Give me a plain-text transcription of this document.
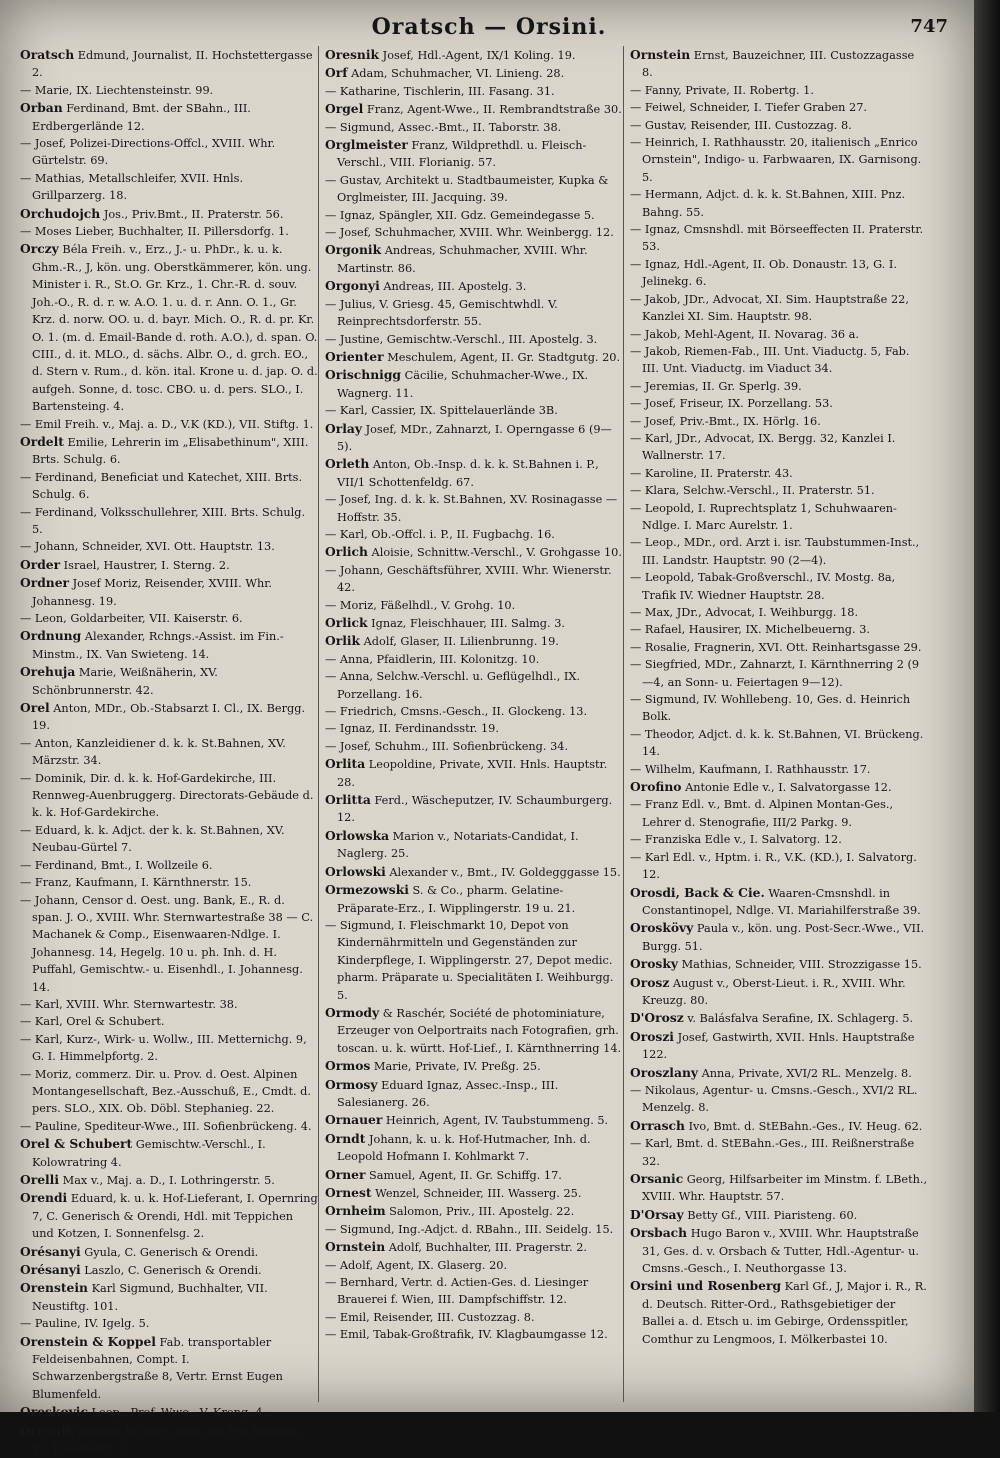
Oratsch — Orsini.	747

Oratsch Edmund, Journalist, II. Hochstettergasse 2.

— Marie, IX. Liechtensteinstr. 99.

Orban Ferdinand, Bmt. der SBahn., III. Erdbergerlände 12.

— Josef, Polizei-Directions-Offcl., XVIII. Whr. Gürtelstr. 69.

— Mathias, Metallschleifer, XVII. Hnls. Grillparzerg. 18.

Orchudojch Jos., Priv.Bmt., II. Praterstr. 56.

— Moses Lieber, Buchhalter, II. Pillersdorfg. 1.

Orczy Béla Freih. v., Erz., J.- u. PhDr., k. u. k. Ghm.-R., J, kön. ung. Oberstkämmerer, kön. ung. Minister i. R., St.O. Gr. Krz., 1. Chr.-R. d. souv. Joh.-O., R. d. r. w. A.O. 1. u. d. r. Ann. O. 1., Gr. Krz. d. norw. OO. u. d. bayr. Mich. O., R. d. pr. Kr. O. 1. (m. d. Email-Bande d. roth. A.O.), d. span. O. CIII., d. it. MLO., d. sächs. Albr. O., d. grch. EO., d. Stern v. Rum., d. kön. ital. Krone u. d. jap. O. d. aufgeh. Sonne, d. tosc. CBO. u. d. pers. SLO., I. Bartensteing. 4.

— Emil Freih. v., Maj. a. D., V.K (KD.), VII. Stiftg. 1.

Ordelt Emilie, Lehrerin im „Elisabethinum", XIII. Brts. Schulg. 6.

— Ferdinand, Beneficiat und Katechet, XIII. Brts. Schulg. 6.

— Ferdinand, Volksschullehrer, XIII. Brts. Schulg. 5.

— Johann, Schneider, XVI. Ott. Hauptstr. 13.

Order Israel, Haustrer, I. Sterng. 2.

Ordner Josef Moriz, Reisender, XVIII. Whr. Johannesg. 19.

— Leon, Goldarbeiter, VII. Kaiserstr. 6.

Ordnung Alexander, Rchngs.-Assist. im Fin.-Minstm., IX. Van Swieteng. 14.

Orehuja Marie, Weißnäherin, XV. Schönbrunnerstr. 42.

Orel Anton, MDr., Ob.-Stabsarzt I. Cl., IX. Bergg. 19.

— Anton, Kanzleidiener d. k. k. St.Bahnen, XV. Märzstr. 34.

— Dominik, Dir. d. k. k. Hof-Gardekirche, III. Rennweg-Auenbruggerg. Directorats-Gebäude d. k. k. Hof-Gardekirche.

— Eduard, k. k. Adjct. der k. k. St.Bahnen, XV. Neubau-Gürtel 7.

— Ferdinand, Bmt., I. Wollzeile 6.

— Franz, Kaufmann, I. Kärnthnerstr. 15.

— Johann, Censor d. Oest. ung. Bank, E., R. d. span. J. O., XVIII. Whr. Sternwartestraße 38 — C. Machanek & Comp., Eisenwaaren-Ndlge. I. Johannesg. 14, Hegelg. 10 u. ph. Inh. d. H. Puffahl, Gemischtw.- u. Eisenhdl., I. Johannesg. 14.

— Karl, XVIII. Whr. Sternwartestr. 38.

— Karl, Orel & Schubert.

— Karl, Kurz-, Wirk- u. Wollw., III. Metternichg. 9, G. I. Himmelpfortg. 2.

— Moriz, commerz. Dir. u. Prov. d. Oest. Alpinen Montangesellschaft, Bez.-Ausschuß, E., Cmdt. d. pers. SLO., XIX. Ob. Döbl. Stephanieg. 22.

— Pauline, Spediteur-Wwe., III. Sofienbrückeng. 4.

Orel & Schubert Gemischtw.-Verschl., I. Kolowratring 4.

Orelli Max v., Maj. a. D., I. Lothringerstr. 5.

Orendi Eduard, k. u. k. Hof-Lieferant, I. Opernring 7, C. Generisch & Orendi, Hdl. mit Teppichen und Kotzen, I. Sonnenfelsg. 2.

Orésanyi Gyula, C. Generisch & Orendi.

Orésanyi Laszlo, C. Generisch & Orendi.

Orenstein Karl Sigmund, Buchhalter, VII. Neustiftg. 101.

— Pauline, IV. Igelg. 5.

Orenstein & Koppel Fab. transportabler Feldeisenbahnen, Compt. I. Schwarzenbergstraße 8, Vertr. Ernst Eugen Blumenfeld.

Oreskovic Leop., Prof.-Wwe., V. Krong. 4.

Oresnik Johann, Rchngs.-Offcl. im Fin.-Minstm., VI. Theobaldg. 7.

Oresnik Josef, Hdl.-Agent, IX/1 Koling. 19.

Orf Adam, Schuhmacher, VI. Linieng. 28.

— Katharine, Tischlerin, III. Fasang. 31.

Orgel Franz, Agent-Wwe., II. Rembrandtstraße 30.

— Sigmund, Assec.-Bmt., II. Taborstr. 38.

Orglmeister Franz, Wildprethdl. u. Fleisch-Verschl., VIII. Florianig. 57.

— Gustav, Architekt u. Stadtbaumeister, Kupka & Orglmeister, III. Jacquing. 39.

— Ignaz, Spängler, XII. Gdz. Gemeindegasse 5.

— Josef, Schuhmacher, XVIII. Whr. Weinbergg. 12.

Orgonik Andreas, Schuhmacher, XVIII. Whr. Martinstr. 86.

Orgonyi Andreas, III. Apostelg. 3.

— Julius, V. Griesg. 45, Gemischtwhdl. V. Reinprechtsdorferstr. 55.

— Justine, Gemischtw.-Verschl., III. Apostelg. 3.

Orienter Meschulem, Agent, II. Gr. Stadtgutg. 20.

Orischnigg Cäcilie, Schuhmacher-Wwe., IX. Wagnerg. 11.

— Karl, Cassier, IX. Spittelauerlände 3B.

Orlay Josef, MDr., Zahnarzt, I. Operngasse 6 (9—5).

Orleth Anton, Ob.-Insp. d. k. k. St.Bahnen i. P., VII/1 Schottenfeldg. 67.

— Josef, Ing. d. k. k. St.Bahnen, XV. Rosinagasse — Hoffstr. 35.

— Karl, Ob.-Offcl. i. P., II. Fugbachg. 16.

Orlich Aloisie, Schnittw.-Verschl., V. Grohgasse 10.

— Johann, Geschäftsführer, XVIII. Whr. Wienerstr. 42.

— Moriz, Fäßelhdl., V. Grohg. 10.

Orlick Ignaz, Fleischhauer, III. Salmg. 3.

Orlik Adolf, Glaser, II. Lilienbrunng. 19.

— Anna, Pfaidlerin, III. Kolonitzg. 10.

— Anna, Selchw.-Verschl. u. Geflügelhdl., IX. Porzellang. 16.

— Friedrich, Cmsns.-Gesch., II. Glockeng. 13.

— Ignaz, II. Ferdinandsstr. 19.

— Josef, Schuhm., III. Sofienbrückeng. 34.

Orlita Leopoldine, Private, XVII. Hnls. Hauptstr. 28.

Orlitta Ferd., Wäscheputzer, IV. Schaumburgerg. 12.

Orlowska Marion v., Notariats-Candidat, I. Naglerg. 25.

Orlowski Alexander v., Bmt., IV. Goldegggasse 15.

Ormezowski S. & Co., pharm. Gelatine-Präparate-Erz., I. Wipplingerstr. 19 u. 21.

— Sigmund, I. Fleischmarkt 10, Depot von Kindernährmitteln und Gegenständen zur Kinderpflege, I. Wipplingerstr. 27, Depot medic. pharm. Präparate u. Specialitäten I. Weihburgg. 5.

Ormody & Raschér, Société de photominiature, Erzeuger von Oelportraits nach Fotografien, grh. toscan. u. k. württ. Hof-Lief., I. Kärnthnerring 14.

Ormos Marie, Private, IV. Preßg. 25.

Ormosy Eduard Ignaz, Assec.-Insp., III. Salesianerg. 26.

Ornauer Heinrich, Agent, IV. Taubstummeng. 5.

Orndt Johann, k. u. k. Hof-Hutmacher, Inh. d. Leopold Hofmann I. Kohlmarkt 7.

Orner Samuel, Agent, II. Gr. Schiffg. 17.

Ornest Wenzel, Schneider, III. Wasserg. 25.

Ornheim Salomon, Priv., III. Apostelg. 22.

— Sigmund, Ing.-Adjct. d. RBahn., III. Seidelg. 15.

Ornstein Adolf, Buchhalter, III. Pragerstr. 2.

— Adolf, Agent, IX. Glaserg. 20.

— Bernhard, Vertr. d. Actien-Ges. d. Liesinger Brauerei f. Wien, III. Dampfschiffstr. 12.

— Emil, Reisender, III. Custozzag. 8.

— Emil, Tabak-Großtrafik, IV. Klagbaumgasse 12.

Ornstein Ernst, Bauzeichner, III. Custozzagasse 8.

— Fanny, Private, II. Robertg. 1.

— Feiwel, Schneider, I. Tiefer Graben 27.

— Gustav, Reisender, III. Custozzag. 8.

— Heinrich, I. Rathhausstr. 20, italienisch „Enrico Ornstein", Indigo- u. Farbwaaren, IX. Garnisong. 5.

— Hermann, Adjct. d. k. k. St.Bahnen, XIII. Pnz. Bahng. 55.

— Ignaz, Cmsnshdl. mit Börseeffecten II. Praterstr. 53.

— Ignaz, Hdl.-Agent, II. Ob. Donaustr. 13, G. I. Jelinekg. 6.

— Jakob, JDr., Advocat, XI. Sim. Hauptstraße 22, Kanzlei XI. Sim. Hauptstr. 98.

— Jakob, Mehl-Agent, II. Novarag. 36 a.

— Jakob, Riemen-Fab., III. Unt. Viaductg. 5, Fab. III. Unt. Viaductg. im Viaduct 34.

— Jeremias, II. Gr. Sperlg. 39.

— Josef, Friseur, IX. Porzellang. 53.

— Josef, Priv.-Bmt., IX. Hörlg. 16.

— Karl, JDr., Advocat, IX. Bergg. 32, Kanzlei I. Wallnerstr. 17.

— Karoline, II. Praterstr. 43.

— Klara, Selchw.-Verschl., II. Praterstr. 51.

— Leopold, I. Ruprechtsplatz 1, Schuhwaaren-Ndlge. I. Marc Aurelstr. 1.

— Leop., MDr., ord. Arzt i. isr. Taubstummen-Inst., III. Landstr. Hauptstr. 90 (2—4).

— Leopold, Tabak-Großverschl., IV. Mostg. 8a, Trafik IV. Wiedner Hauptstr. 28.

— Max, JDr., Advocat, I. Weihburgg. 18.

— Rafael, Hausirer, IX. Michelbeuerng. 3.

— Rosalie, Fragnerin, XVI. Ott. Reinhartsgasse 29.

— Siegfried, MDr., Zahnarzt, I. Kärnthnerring 2 (9—4, an Sonn- u. Feiertagen 9—12).

— Sigmund, IV. Wohllebeng. 10, Ges. d. Heinrich Bolk.

— Theodor, Adjct. d. k. k. St.Bahnen, VI. Brückeng. 14.

— Wilhelm, Kaufmann, I. Rathhausstr. 17.

Orofino Antonie Edle v., I. Salvatorgasse 12.

— Franz Edl. v., Bmt. d. Alpinen Montan-Ges., Lehrer d. Stenografie, III/2 Parkg. 9.

— Franziska Edle v., I. Salvatorg. 12.

— Karl Edl. v., Hptm. i. R., V.K. (KD.), I. Salvatorg. 12.

Orosdi, Back & Cie. Waaren-Cmsnshdl. in Constantinopel, Ndlge. VI. Mariahilferstraße 39.

Oroskövy Paula v., kön. ung. Post-Secr.-Wwe., VII. Burgg. 51.

Orosky Mathias, Schneider, VIII. Strozzigasse 15.

Orosz August v., Oberst-Lieut. i. R., XVIII. Whr. Kreuzg. 80.

D'Orosz v. Balásfalva Serafine, IX. Schlagerg. 5.

Oroszi Josef, Gastwirth, XVII. Hnls. Hauptstraße 122.

Oroszlany Anna, Private, XVI/2 RL. Menzelg. 8.

— Nikolaus, Agentur- u. Cmsns.-Gesch., XVI/2 RL. Menzelg. 8.

Orrasch Ivo, Bmt. d. StEBahn.-Ges., IV. Heug. 62.

— Karl, Bmt. d. StEBahn.-Ges., III. Reißnerstraße 32.

Orsanic Georg, Hilfsarbeiter im Minstm. f. LBeth., XVIII. Whr. Hauptstr. 57.

D'Orsay Betty Gf., VIII. Piaristeng. 60.

Orsbach Hugo Baron v., XVIII. Whr. Hauptstraße 31, Ges. d. v. Orsbach & Tutter, Hdl.-Agentur- u. Cmsns.-Gesch., I. Neuthorgasse 13.

Orsini und Rosenberg Karl Gf., J, Major i. R., R. d. Deutsch. Ritter-Ord., Rathsgebietiger der Ballei a. d. Etsch u. im Gebirge, Ordensspitler, Comthur zu Lengmoos, I. Mölkerbastei 10.
